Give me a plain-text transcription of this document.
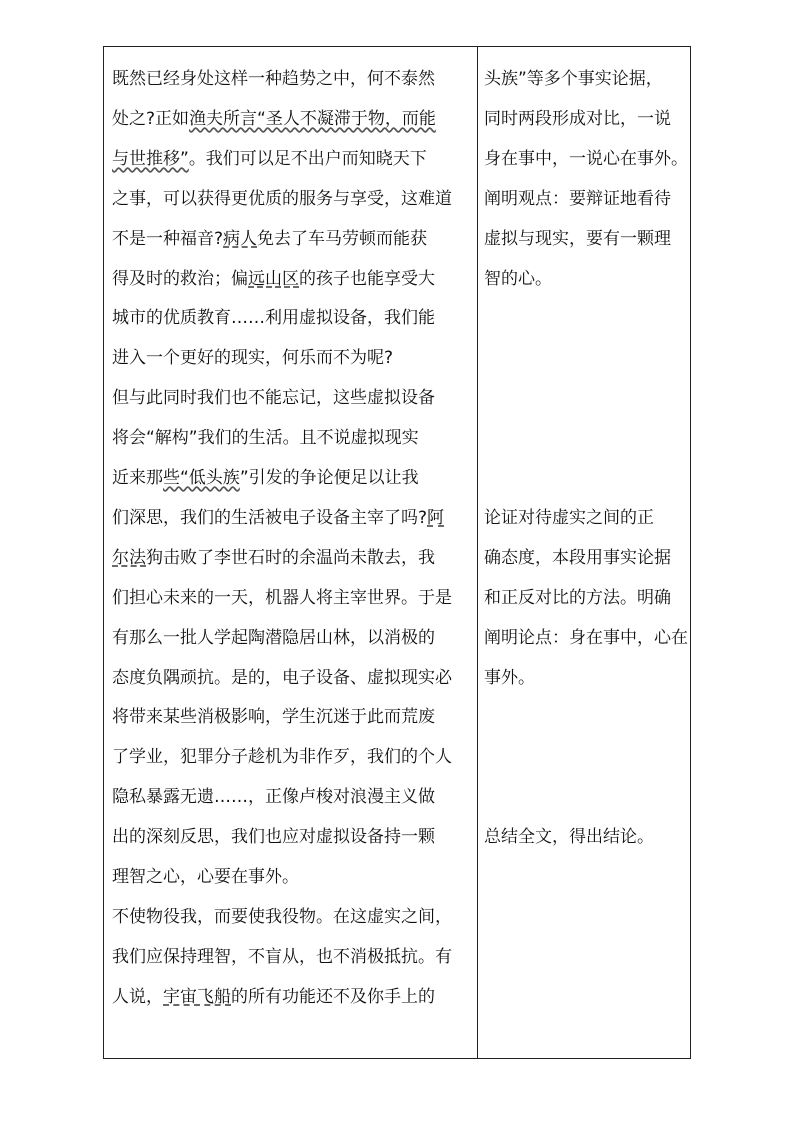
既然已经身处这样一种趋势之中，何不泰然
处之?正如渔夫所言“圣人不凝滞于物，而能
与世推移”。我们可以足不出户而知晓天下
之事，可以获得更优质的服务与享受，这难道
不是一种福音?病人免去了车马劳顿而能获
得及时的救治；偏远山区的孩子也能享受大
城市的优质教育……利用虚拟设备，我们能
进入一个更好的现实，何乐而不为呢?
但与此同时我们也不能忘记，这些虚拟设备
将会“解构”我们的生活。且不说虚拟现实
近来那些“低头族”引发的争论便足以让我
们深思，我们的生活被电子设备主宰了吗?阿
尔法狗击败了李世石时的余温尚未散去，我
们担心未来的一天，机器人将主宰世界。于是
有那么一批人学起陶潜隐居山林，以消极的
态度负隅顽抗。是的，电子设备、虚拟现实必
将带来某些消极影响，学生沉迷于此而荒废
了学业，犯罪分子趁机为非作歹，我们的个人
隐私暴露无遗……，正像卢梭对浪漫主义做
出的深刻反思，我们也应对虚拟设备持一颗
理智之心，心要在事外。
不使物役我，而要使我役物。在这虚实之间，
我们应保持理智，不盲从，也不消极抵抗。有
人说，宇宙飞船的所有功能还不及你手上的
头族”等多个事实论据，
同时两段形成对比，一说
身在事中，一说心在事外。
阐明观点：要辩证地看待
虚拟与现实，要有一颗理
智的心。
论证对待虚实之间的正
确态度，本段用事实论据
和正反对比的方法。明确
阐明论点：身在事中，心在
事外。
总结全文，得出结论。
